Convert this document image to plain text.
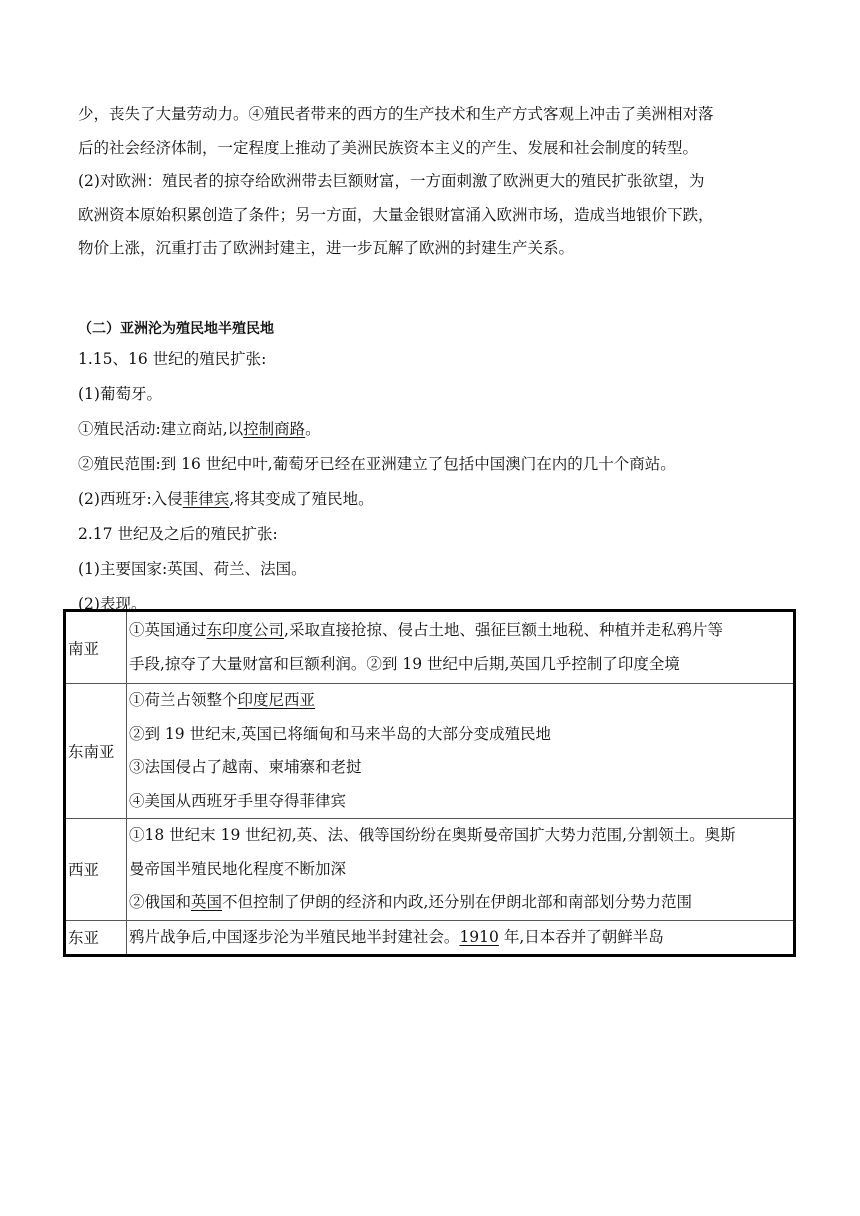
少，丧失了大量劳动力。④殖民者带来的西方的生产技术和生产方式客观上冲击了美洲相对落
后的社会经济体制，一定程度上推动了美洲民族资本主义的产生、发展和社会制度的转型。
(2)对欧洲：殖民者的掠夺给欧洲带去巨额财富，一方面刺激了欧洲更大的殖民扩张欲望，为
欧洲资本原始积累创造了条件；另一方面，大量金银财富涌入欧洲市场，造成当地银价下跌，
物价上涨，沉重打击了欧洲封建主，进一步瓦解了欧洲的封建生产关系。

（二）亚洲沦为殖民地半殖民地

1.15、16 世纪的殖民扩张:
(1)葡萄牙。
①殖民活动:建立商站,以控制商路。
②殖民范围:到 16 世纪中叶,葡萄牙已经在亚洲建立了包括中国澳门在内的几十个商站。
(2)西班牙:入侵菲律宾,将其变成了殖民地。
2.17 世纪及之后的殖民扩张:
(1)主要国家:英国、荷兰、法国。
(2)表现。
南亚	①英国通过东印度公司,采取直接抢掠、侵占土地、强征巨额土地税、种植并走私鸦片等

手段,掠夺了大量财富和巨额利润。②到 19 世纪中后期,英国几乎控制了印度全境

东南亚	①荷兰占领整个印度尼西亚

②到 19 世纪末,英国已将缅甸和马来半岛的大部分变成殖民地

③法国侵占了越南、柬埔寨和老挝

④美国从西班牙手里夺得菲律宾

西亚	①18 世纪末 19 世纪初,英、法、俄等国纷纷在奥斯曼帝国扩大势力范围,分割领土。奥斯

曼帝国半殖民地化程度不断加深

②俄国和英国不但控制了伊朗的经济和内政,还分别在伊朗北部和南部划分势力范围

东亚	鸦片战争后,中国逐步沦为半殖民地半封建社会。1910 年,日本吞并了朝鲜半岛
